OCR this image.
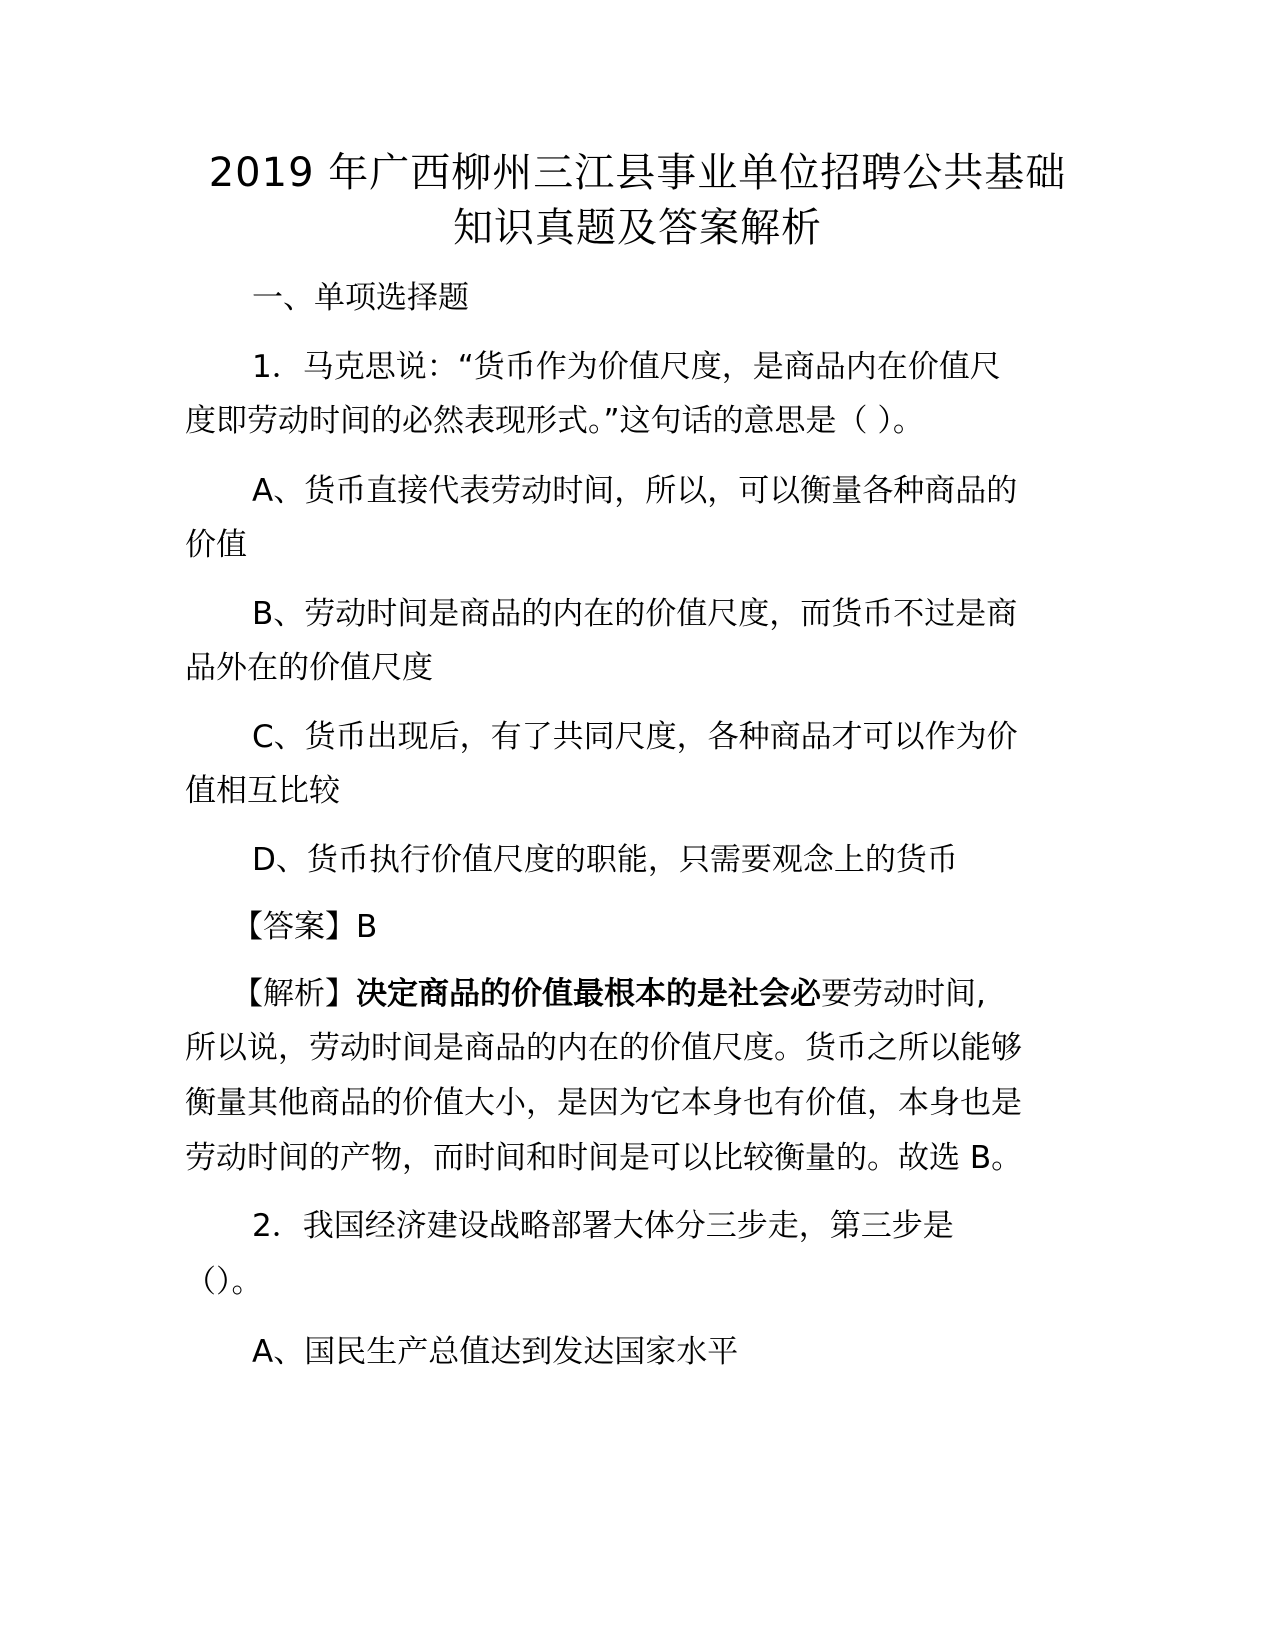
2019 年广西柳州三江县事业单位招聘公共基础
知识真题及答案解析
一、单项选择题
1．马克思说：“货币作为价值尺度，是商品内在价值尺
度即劳动时间的必然表现形式。”这句话的意思是（ ）。
A、货币直接代表劳动时间，所以，可以衡量各种商品的
价值
B、劳动时间是商品的内在的价值尺度，而货币不过是商
品外在的价值尺度
C、货币出现后，有了共同尺度，各种商品才可以作为价
值相互比较
D、货币执行价值尺度的职能，只需要观念上的货币
【答案】B
【解析】决定商品的价值最根本的是社会必要劳动时间,
所以说，劳动时间是商品的内在的价值尺度。货币之所以能够
衡量其他商品的价值大小，是因为它本身也有价值，本身也是
劳动时间的产物，而时间和时间是可以比较衡量的。故选 B。
2．我国经济建设战略部署大体分三步走，第三步是
（）。
A、国民生产总值达到发达国家水平
